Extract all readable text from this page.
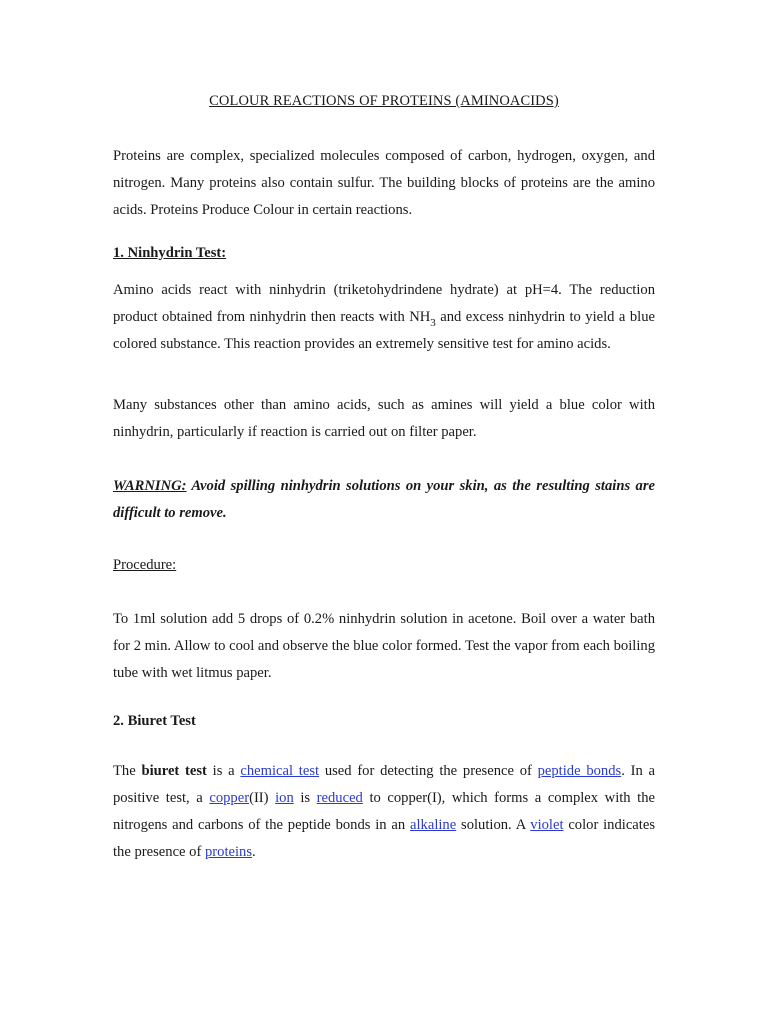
COLOUR REACTIONS OF PROTEINS (AMINOACIDS)

Proteins are complex, specialized molecules composed of carbon, hydrogen, oxygen, and nitrogen. Many proteins also contain sulfur. The building blocks of proteins are the amino acids. Proteins Produce Colour in certain reactions.

1. Ninhydrin Test:

Amino acids react with ninhydrin (triketohydrindene hydrate) at pH=4. The reduction product obtained from ninhydrin then reacts with $NH_3$ and excess ninhydrin to yield a blue colored substance. This reaction provides an extremely sensitive test for amino acids.

Many substances other than amino acids, such as amines will yield a blue color with ninhydrin, particularly if reaction is carried out on filter paper.

WARNING: Avoid spilling ninhydrin solutions on your skin, as the resulting stains are difficult to remove.

Procedure:

To 1ml solution add 5 drops of 0.2% ninhydrin solution in acetone. Boil over a water bath for 2 min. Allow to cool and observe the blue color formed. Test the vapor from each boiling tube with wet litmus paper.

2. Biuret Test

The biuret test is a chemical test used for detecting the presence of peptide bonds. In a positive test, a copper(II) ion is reduced to copper(I), which forms a complex with the nitrogens and carbons of the peptide bonds in an alkaline solution. A violet color indicates the presence of proteins.
